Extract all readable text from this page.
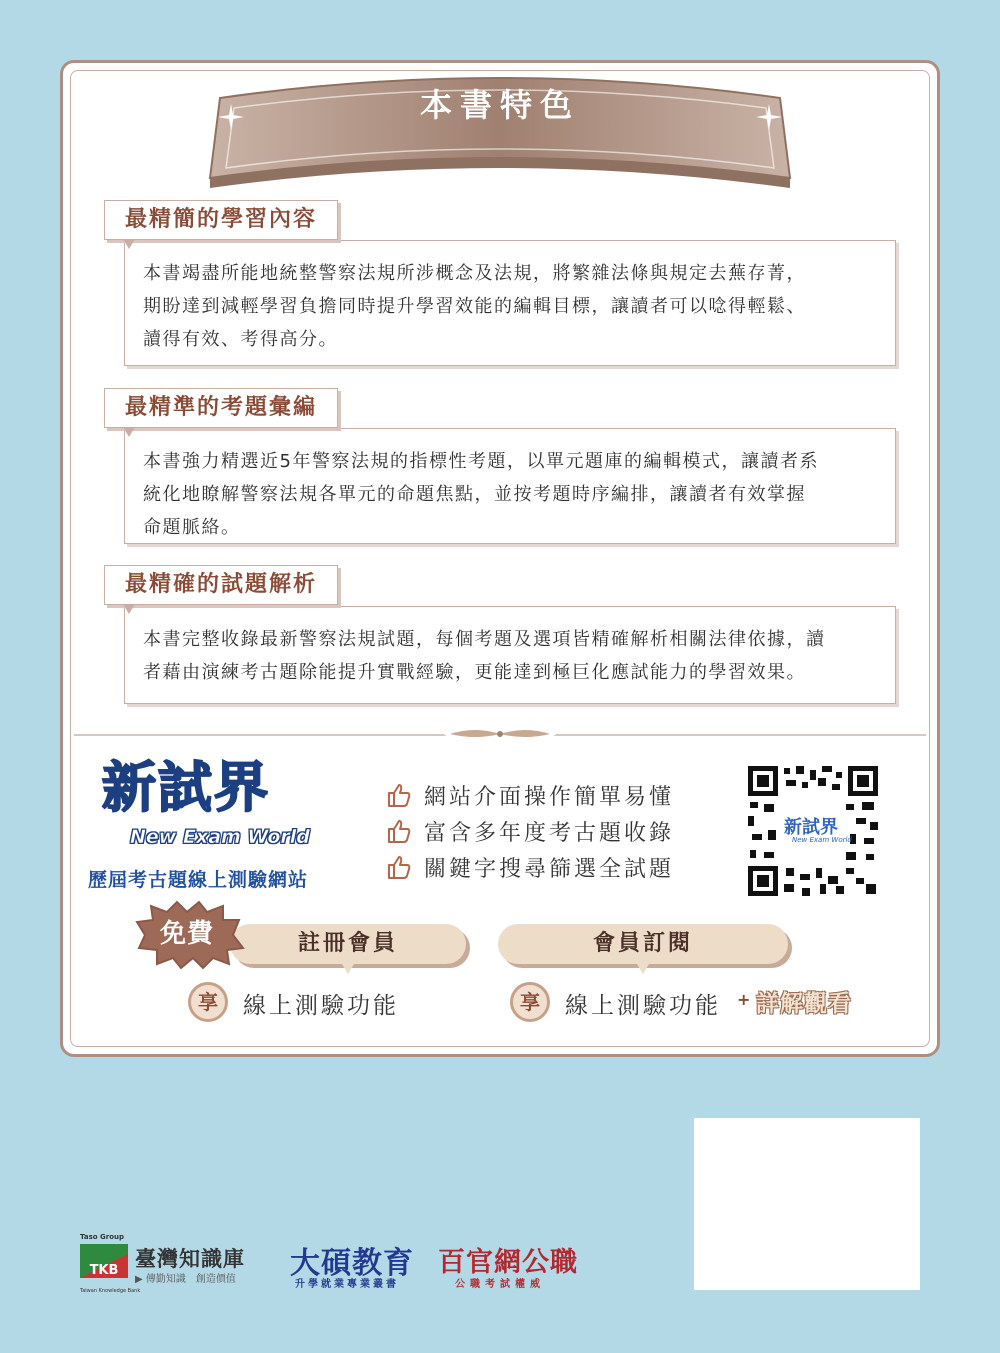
本書特色
本書竭盡所能地統整警察法規所涉概念及法規，將繁雜法條與規定去蕪存菁，
期盼達到減輕學習負擔同時提升學習效能的編輯目標，讓讀者可以唸得輕鬆、
讀得有效、考得高分。
最精簡的學習內容
本書強力精選近5年警察法規的指標性考題，以單元題庫的編輯模式，讓讀者系
統化地瞭解警察法規各單元的命題焦點，並按考題時序編排，讓讀者有效掌握
命題脈絡。
最精準的考題彙編
本書完整收錄最新警察法規試題，每個考題及選項皆精確解析相關法律依據，讀
者藉由演練考古題除能提升實戰經驗，更能達到極巨化應試能力的學習效果。
最精確的試題解析
新試界
New Exam World
歷屆考古題線上測驗網站
網站介面操作簡單易懂
富含多年度考古題收錄
關鍵字搜尋篩選全試題
新試界
New Exam World
註冊會員
免費	會員訂閱
享	線上測驗功能	享	線上測驗功能 + 詳解觀看
Taso Group
TKB
Taiwan Knowledge Bank
臺灣知識庫
▶ 傳勤知識　創造價值 大碩教育
升學就業專業叢書
百官網公職
公職考試權威
